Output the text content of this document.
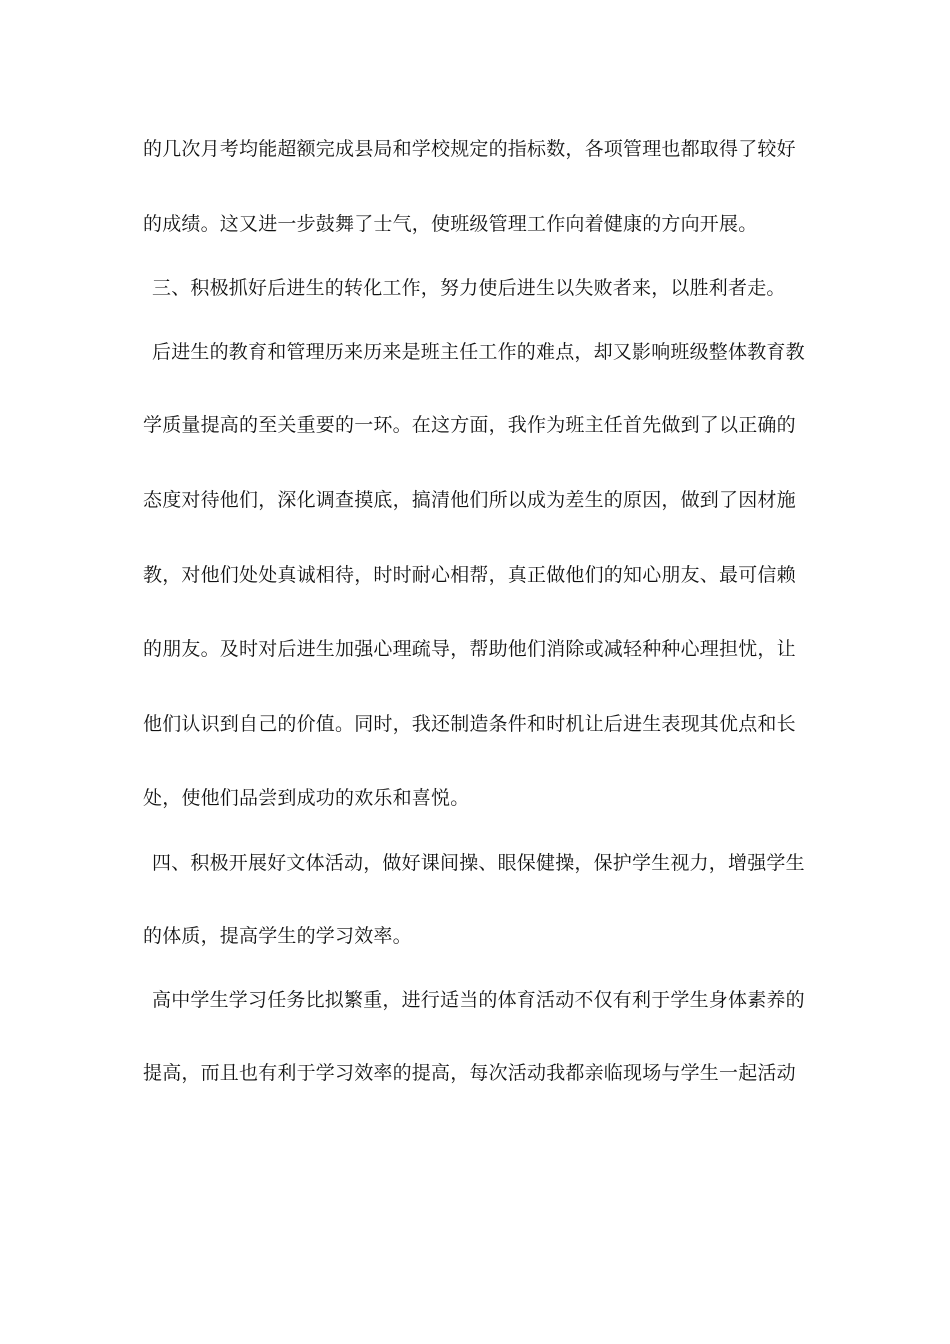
的几次月考均能超额完成县局和学校规定的指标数，各项管理也都取得了较好
的成绩。这又进一步鼓舞了士气，使班级管理工作向着健康的方向开展。
三、积极抓好后进生的转化工作，努力使后进生以失败者来，以胜利者走。
后进生的教育和管理历来历来是班主任工作的难点，却又影响班级整体教育教
学质量提高的至关重要的一环。在这方面，我作为班主任首先做到了以正确的
态度对待他们，深化调查摸底，搞清他们所以成为差生的原因，做到了因材施
教，对他们处处真诚相待，时时耐心相帮，真正做他们的知心朋友、最可信赖
的朋友。及时对后进生加强心理疏导，帮助他们消除或减轻种种心理担忧，让
他们认识到自己的价值。同时，我还制造条件和时机让后进生表现其优点和长
处，使他们品尝到成功的欢乐和喜悦。
四、积极开展好文体活动，做好课间操、眼保健操，保护学生视力，增强学生
的体质，提高学生的学习效率。
高中学生学习任务比拟繁重，进行适当的体育活动不仅有利于学生身体素养的
提高，而且也有利于学习效率的提高，每次活动我都亲临现场与学生一起活动
